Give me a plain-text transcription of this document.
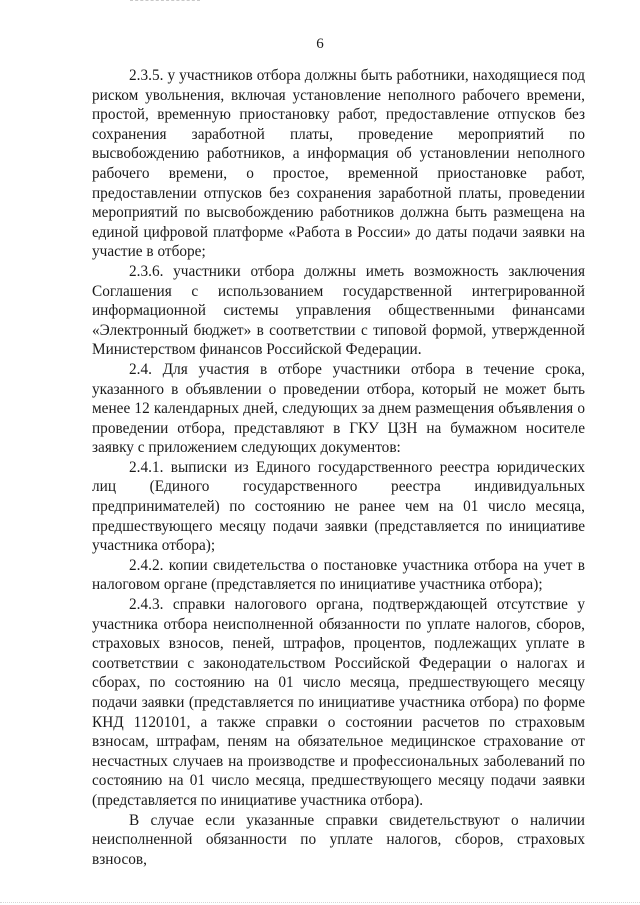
6

2.3.5. у участников отбора должны быть работники, находящиеся под риском увольнения, включая установление неполного рабочего времени, простой, временную приостановку работ, предоставление отпусков без сохранения заработной платы, проведение мероприятий по высвобождению работников, а информация об установлении неполного рабочего времени, о простое, временной приостановке работ, предоставлении отпусков без сохранения заработной платы, проведении мероприятий по высвобождению работников должна быть размещена на единой цифровой платформе «Работа в России» до даты подачи заявки на участие в отборе;

2.3.6. участники отбора должны иметь возможность заключения Соглашения с использованием государственной интегрированной информационной системы управления общественными финансами «Электронный бюджет» в соответствии с типовой формой, утвержденной Министерством финансов Российской Федерации.

2.4. Для участия в отборе участники отбора в течение срока, указанного в объявлении о проведении отбора, который не может быть менее 12 календарных дней, следующих за днем размещения объявления о проведении отбора, представляют в ГКУ ЦЗН на бумажном носителе заявку с приложением следующих документов:

2.4.1. выписки из Единого государственного реестра юридических лиц (Единого государственного реестра индивидуальных предпринимателей) по состоянию не ранее чем на 01 число месяца, предшествующего месяцу подачи заявки (представляется по инициативе участника отбора);

2.4.2. копии свидетельства о постановке участника отбора на учет в налоговом органе (представляется по инициативе участника отбора);

2.4.3. справки налогового органа, подтверждающей отсутствие у участника отбора неисполненной обязанности по уплате налогов, сборов, страховых взносов, пеней, штрафов, процентов, подлежащих уплате в соответствии с законодательством Российской Федерации о налогах и сборах, по состоянию на 01 число месяца, предшествующего месяцу подачи заявки (представляется по инициативе участника отбора) по форме КНД 1120101, а также справки о состоянии расчетов по страховым взносам, штрафам, пеням на обязательное медицинское страхование от несчастных случаев на производстве и профессиональных заболеваний по состоянию на 01 число месяца, предшествующего месяцу подачи заявки (представляется по инициативе участника отбора).

В случае если указанные справки свидетельствуют о наличии неисполненной обязанности по уплате налогов, сборов, страховых взносов,
